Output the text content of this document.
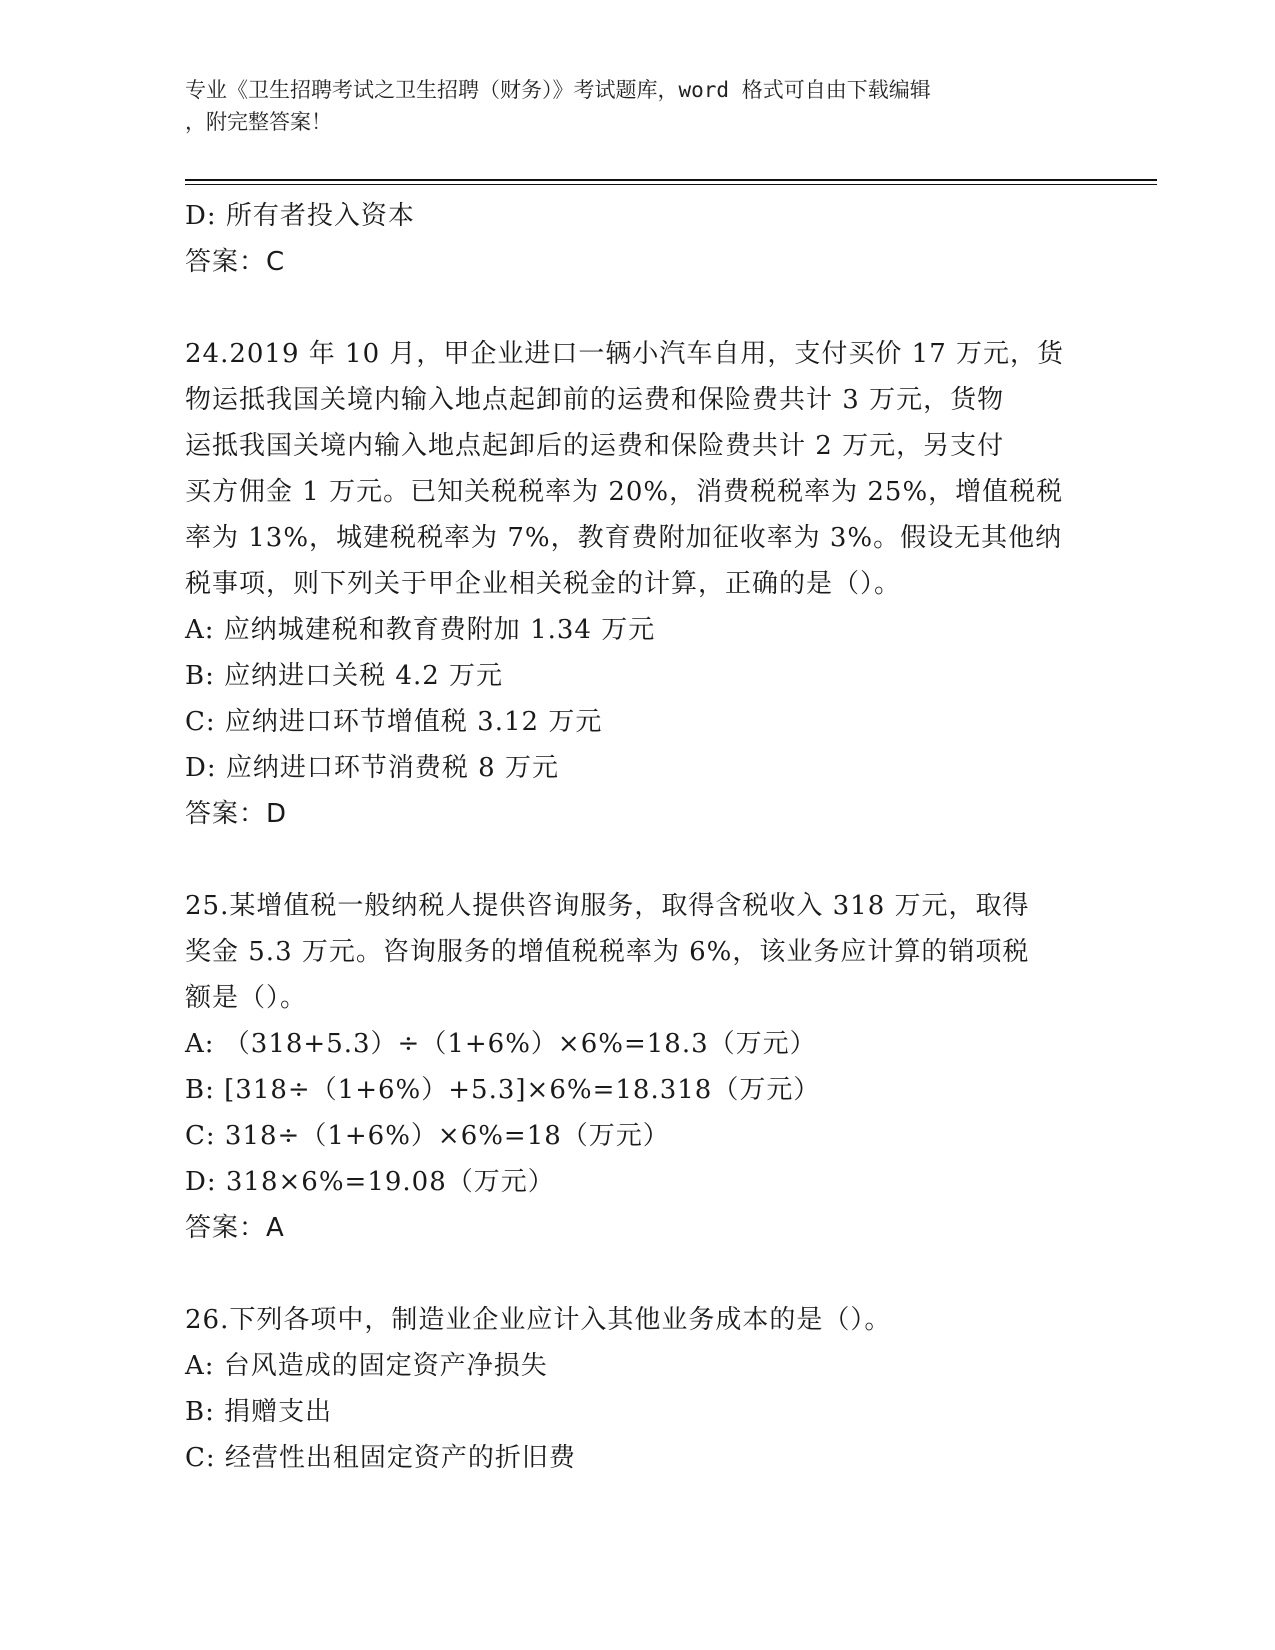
专业《卫生招聘考试之卫生招聘（财务）》考试题库，word 格式可自由下载编辑
，附完整答案！
D: 所有者投入资本
答案：C
24.2019 年 10 月，甲企业进口一辆小汽车自用，支付买价 17 万元，货
物运抵我国关境内输入地点起卸前的运费和保险费共计 3 万元，货物
运抵我国关境内输入地点起卸后的运费和保险费共计 2 万元，另支付
买方佣金 1 万元。已知关税税率为 20%，消费税税率为 25%，增值税税
率为 13%，城建税税率为 7%，教育费附加征收率为 3%。假设无其他纳
税事项，则下列关于甲企业相关税金的计算，正确的是（）。
A: 应纳城建税和教育费附加 1.34 万元
B: 应纳进口关税 4.2 万元
C: 应纳进口环节增值税 3.12 万元
D: 应纳进口环节消费税 8 万元
答案：D
25.某增值税一般纳税人提供咨询服务，取得含税收入 318 万元，取得
奖金 5.3 万元。咨询服务的增值税税率为 6%，该业务应计算的销项税
额是（）。
A: （318+5.3）÷（1+6%）×6%=18.3（万元）
B: [318÷（1+6%）+5.3]×6%=18.318（万元）
C: 318÷（1+6%）×6%=18（万元）
D: 318×6%=19.08（万元）
答案：A
26.下列各项中，制造业企业应计入其他业务成本的是（）。
A: 台风造成的固定资产净损失
B: 捐赠支出
C: 经营性出租固定资产的折旧费
